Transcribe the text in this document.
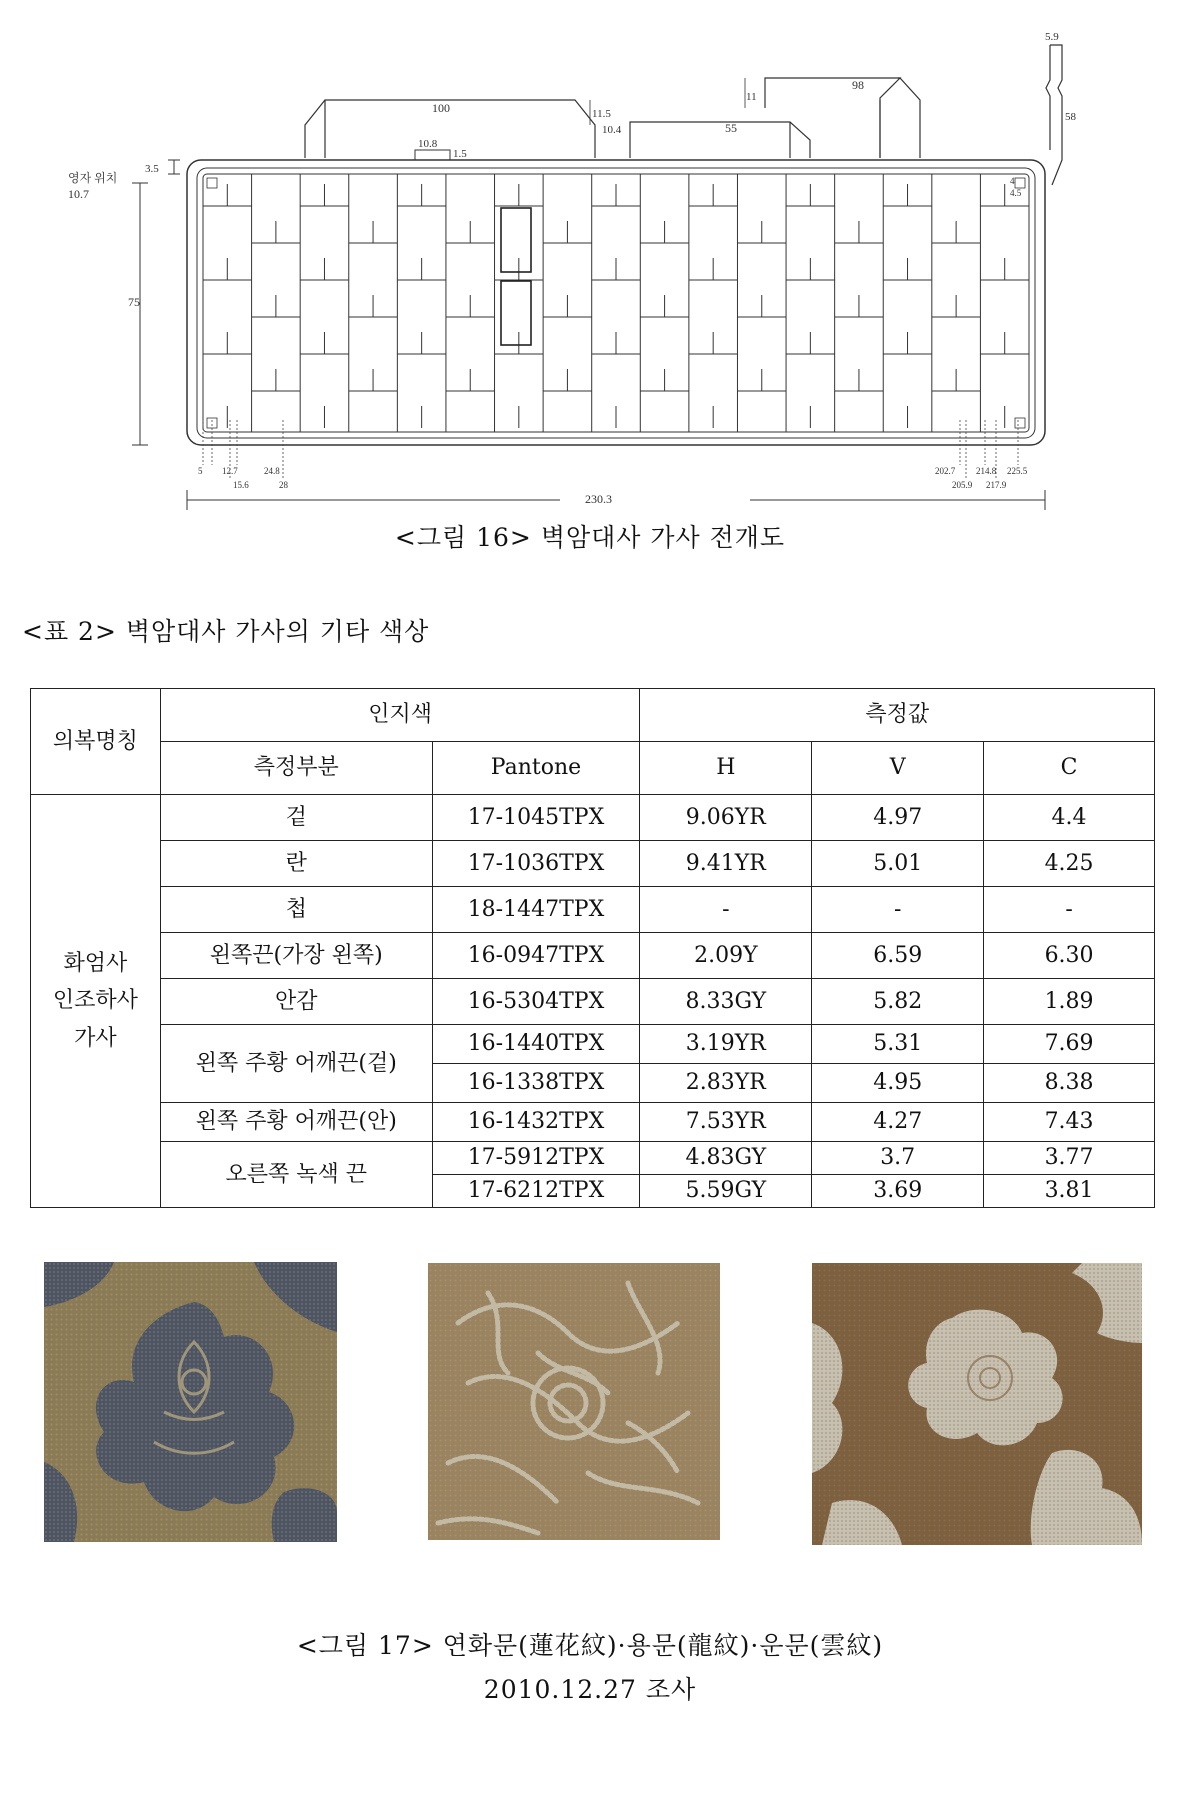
영자 위치
10.7
3.5
75
100	11.5
10.4	55
11
98
5.9
58
10.8
1.5
4
4.5
230.3
5 12.7
15.6
24.8
28
202.7
205.9
214.8
217.9
225.5
<그림 16> 벽암대사 가사 전개도
<표 2> 벽암대사 가사의 기타 색상
의복명칭	인지색		측정값		
	측정부분	Pantone	H	V	C

화엄사
인조하사
가사	겉	17-1045TPX	9.06YR	4.97	4.4
	란	17-1036TPX	9.41YR	5.01	4.25
	첩	18-1447TPX	-	-	-
	왼쪽끈(가장 왼쪽)	16-0947TPX	2.09Y	6.59	6.30
	안감	16-5304TPX	8.33GY	5.82	1.89
	왼쪽 주황 어깨끈(겉)	16-1440TPX	3.19YR	5.31	7.69
		16-1338TPX	2.83YR	4.95	8.38
	왼쪽 주황 어깨끈(안)	16-1432TPX	7.53YR	4.27	7.43
	오른쪽 녹색 끈	17-5912TPX	4.83GY	3.7	3.77
		17-6212TPX	5.59GY	3.69	3.81
<그림 17> 연화문(蓮花紋)·용문(龍紋)·운문(雲紋)
2010.12.27 조사
